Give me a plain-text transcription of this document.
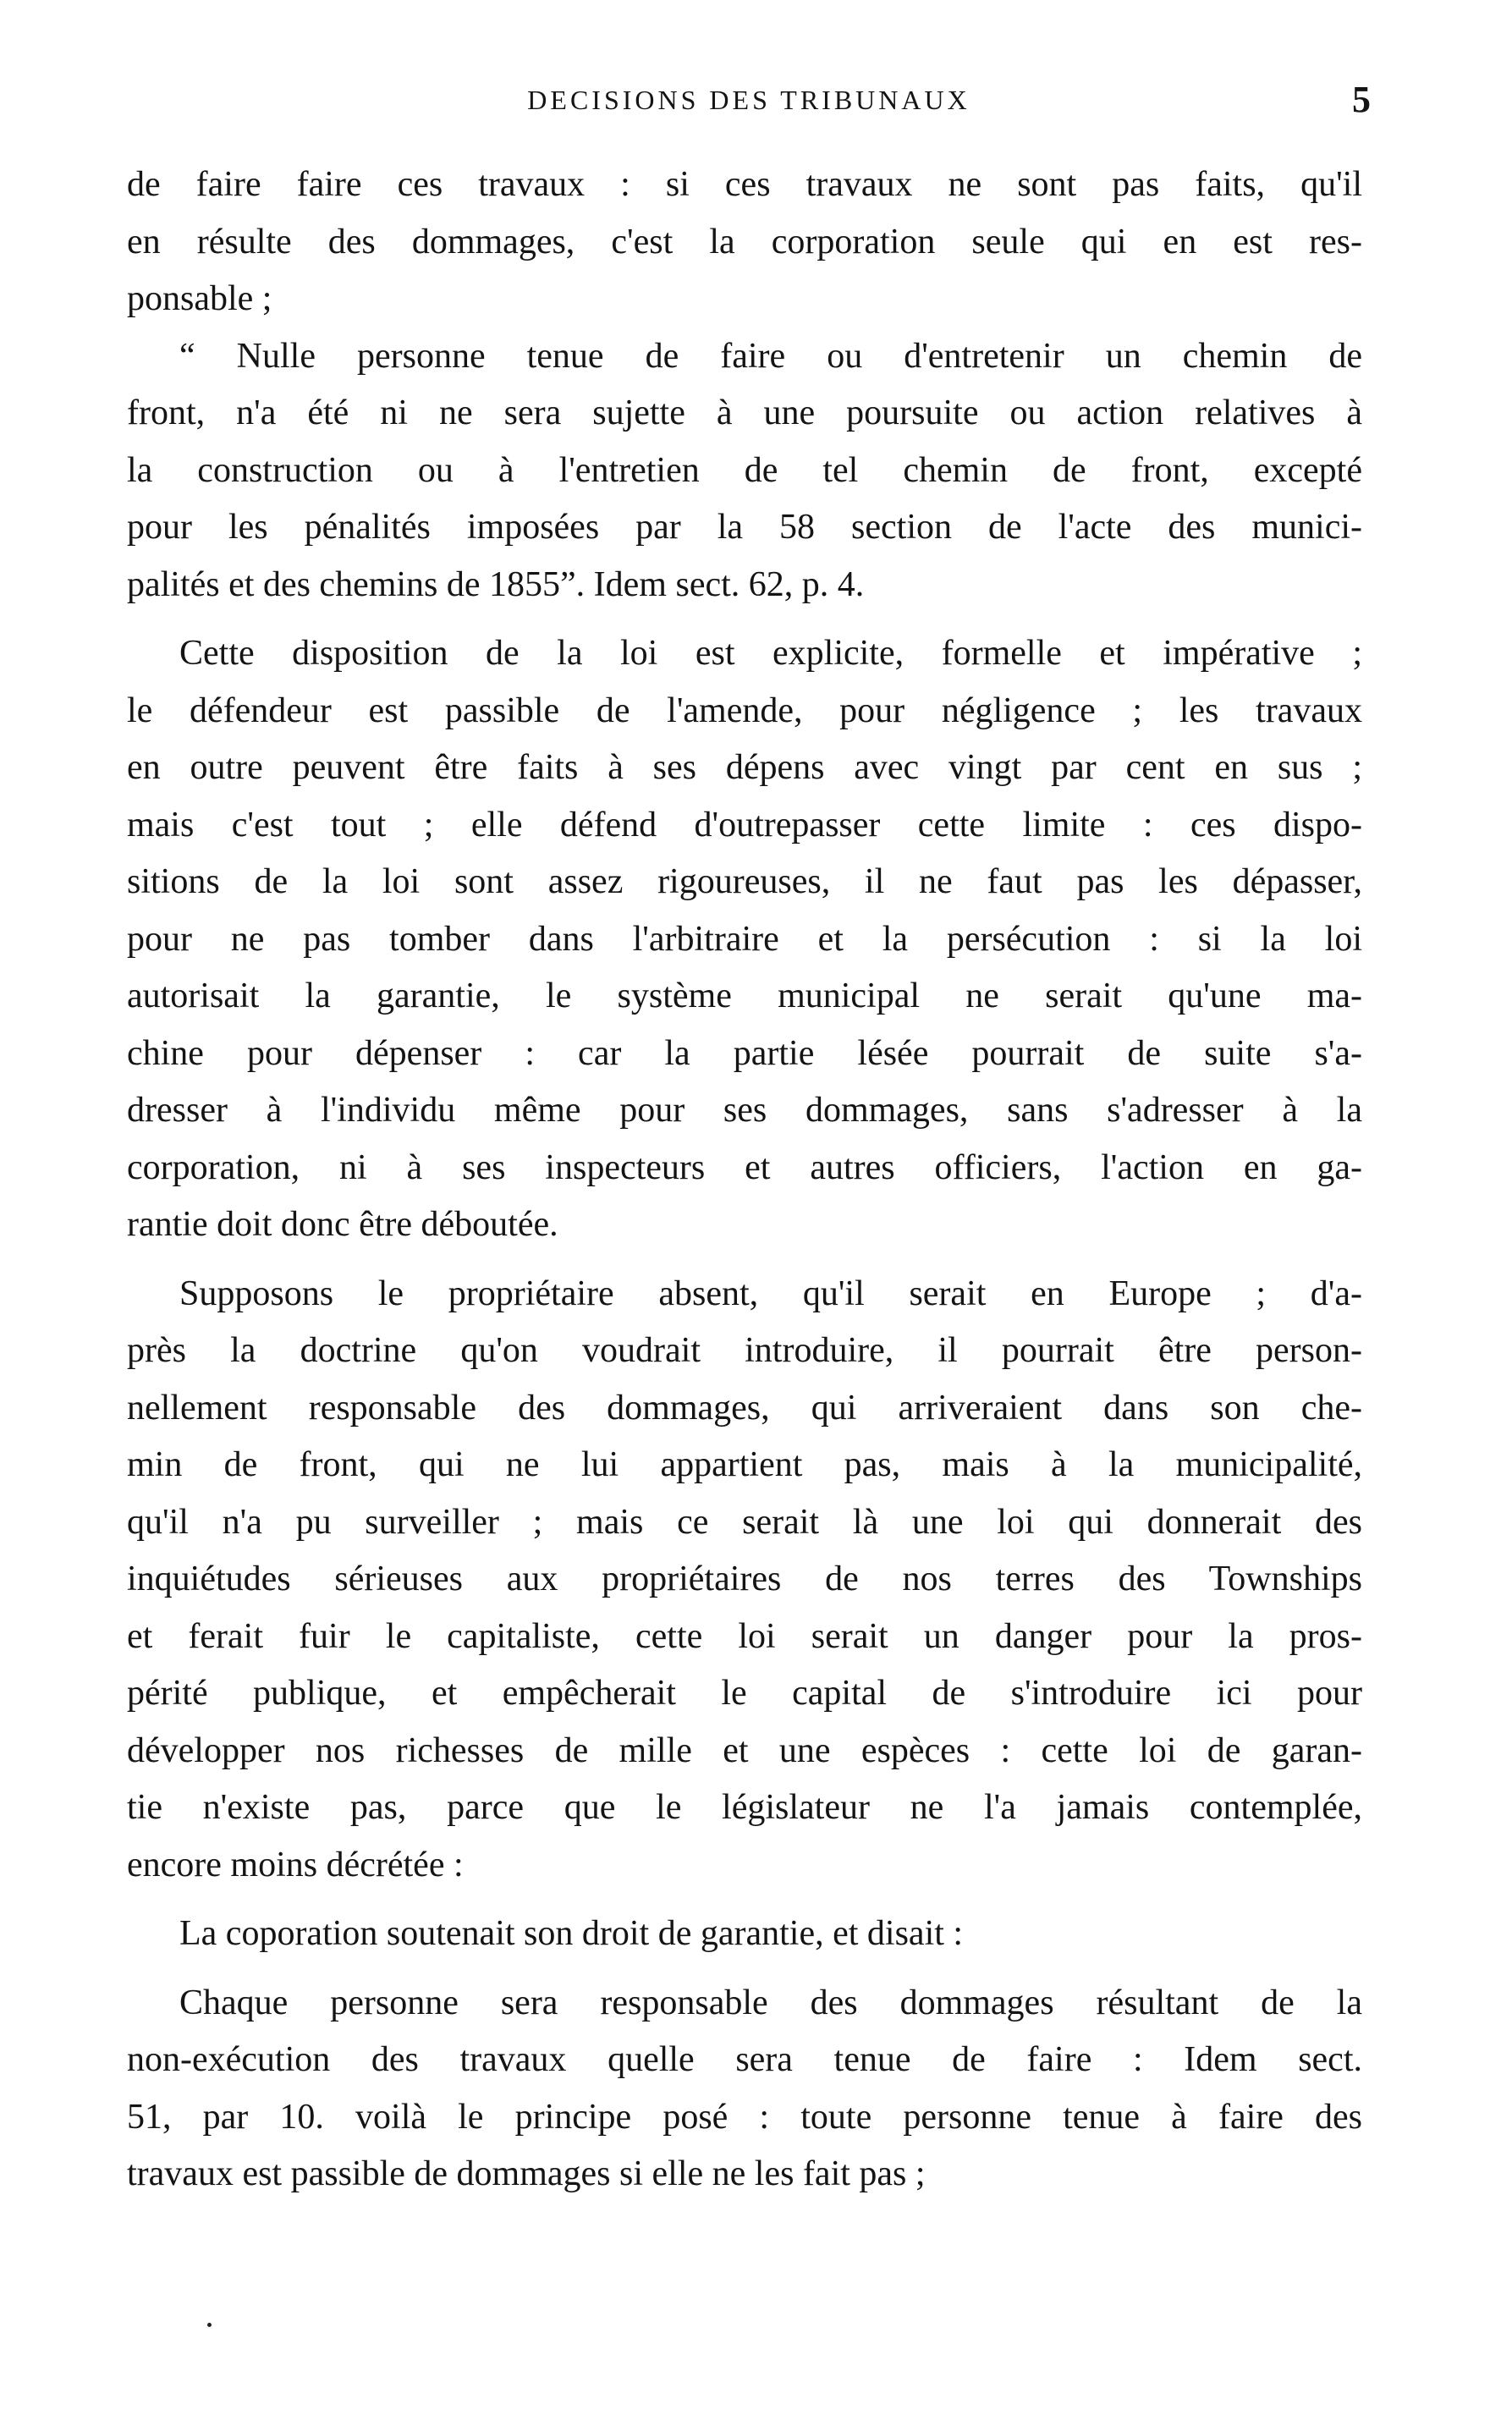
DECISIONS DES TRIBUNAUX	5
de faire faire ces travaux : si ces travaux ne sont pas faits, qu'il
en résulte des dommages, c'est la corporation seule qui en est res-
ponsable ;
“ Nulle personne tenue de faire ou d'entretenir un chemin de
front, n'a été ni ne sera sujette à une poursuite ou action relatives à
la construction ou à l'entretien de tel chemin de front, excepté
pour les pénalités imposées par la 58 section de l'acte des munici-
palités et des chemins de 1855”. Idem sect. 62, p. 4.
Cette disposition de la loi est explicite, formelle et impérative ;
le défendeur est passible de l'amende, pour négligence ; les travaux
en outre peuvent être faits à ses dépens avec vingt par cent en sus ;
mais c'est tout ; elle défend d'outrepasser cette limite : ces dispo-
sitions de la loi sont assez rigoureuses, il ne faut pas les dépasser,
pour ne pas tomber dans l'arbitraire et la persécution : si la loi
autorisait la garantie, le système municipal ne serait qu'une ma-
chine pour dépenser : car la partie lésée pourrait de suite s'a-
dresser à l'individu même pour ses dommages, sans s'adresser à la
corporation, ni à ses inspecteurs et autres officiers, l'action en ga-
rantie doit donc être déboutée.
Supposons le propriétaire absent, qu'il serait en Europe ; d'a-
près la doctrine qu'on voudrait introduire, il pourrait être person-
nellement responsable des dommages, qui arriveraient dans son che-
min de front, qui ne lui appartient pas, mais à la municipalité,
qu'il n'a pu surveiller ; mais ce serait là une loi qui donnerait des
inquiétudes sérieuses aux propriétaires de nos terres des Townships
et ferait fuir le capitaliste, cette loi serait un danger pour la pros-
périté publique, et empêcherait le capital de s'introduire ici pour
développer nos richesses de mille et une espèces : cette loi de garan-
tie n'existe pas, parce que le législateur ne l'a jamais contemplée,
encore moins décrétée :
La coporation soutenait son droit de garantie, et disait :
Chaque personne sera responsable des dommages résultant de la
non-exécution des travaux quelle sera tenue de faire : Idem sect.
51, par 10. voilà le principe posé : toute personne tenue à faire des
travaux est passible de dommages si elle ne les fait pas ;
